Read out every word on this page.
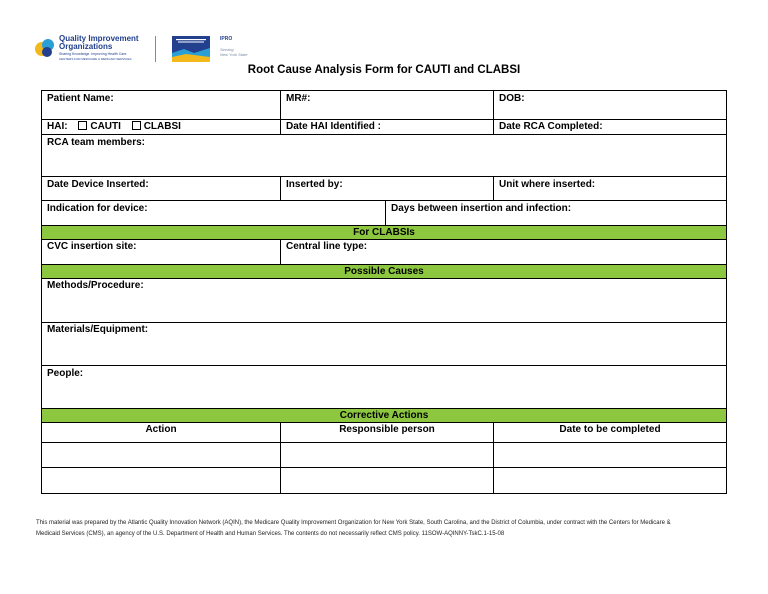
Quality Improvement
Organizations
Sharing Knowledge. Improving Health Care.
CENTERS FOR MEDICARE & MEDICAID SERVICES
IPRO
Serving
New York State
Root Cause Analysis Form for CAUTI and CLABSI
Patient Name:	MR#:	DOB:
HAI: CAUTI CLABSI	Date HAI Identified :	Date RCA Completed:
RCA team members:
Date Device Inserted:	Inserted by:	Unit where inserted:
Indication for device:	Days between insertion and infection:
For CLABSIs
CVC insertion site:	Central line type:
Possible Causes
Methods/Procedure:
Materials/Equipment:
People:
Corrective Actions
Action	Responsible person	Date to be completed
This material was prepared by the Atlantic Quality Innovation Network (AQIN), the Medicare Quality Improvement Organization for New York State, South Carolina, and the District of Columbia, under contract with the Centers for Medicare &
Medicaid Services (CMS), an agency of the U.S. Department of Health and Human Services. The contents do not necessarily reflect CMS policy. 11SOW-AQINNY-TskC.1-15-08
